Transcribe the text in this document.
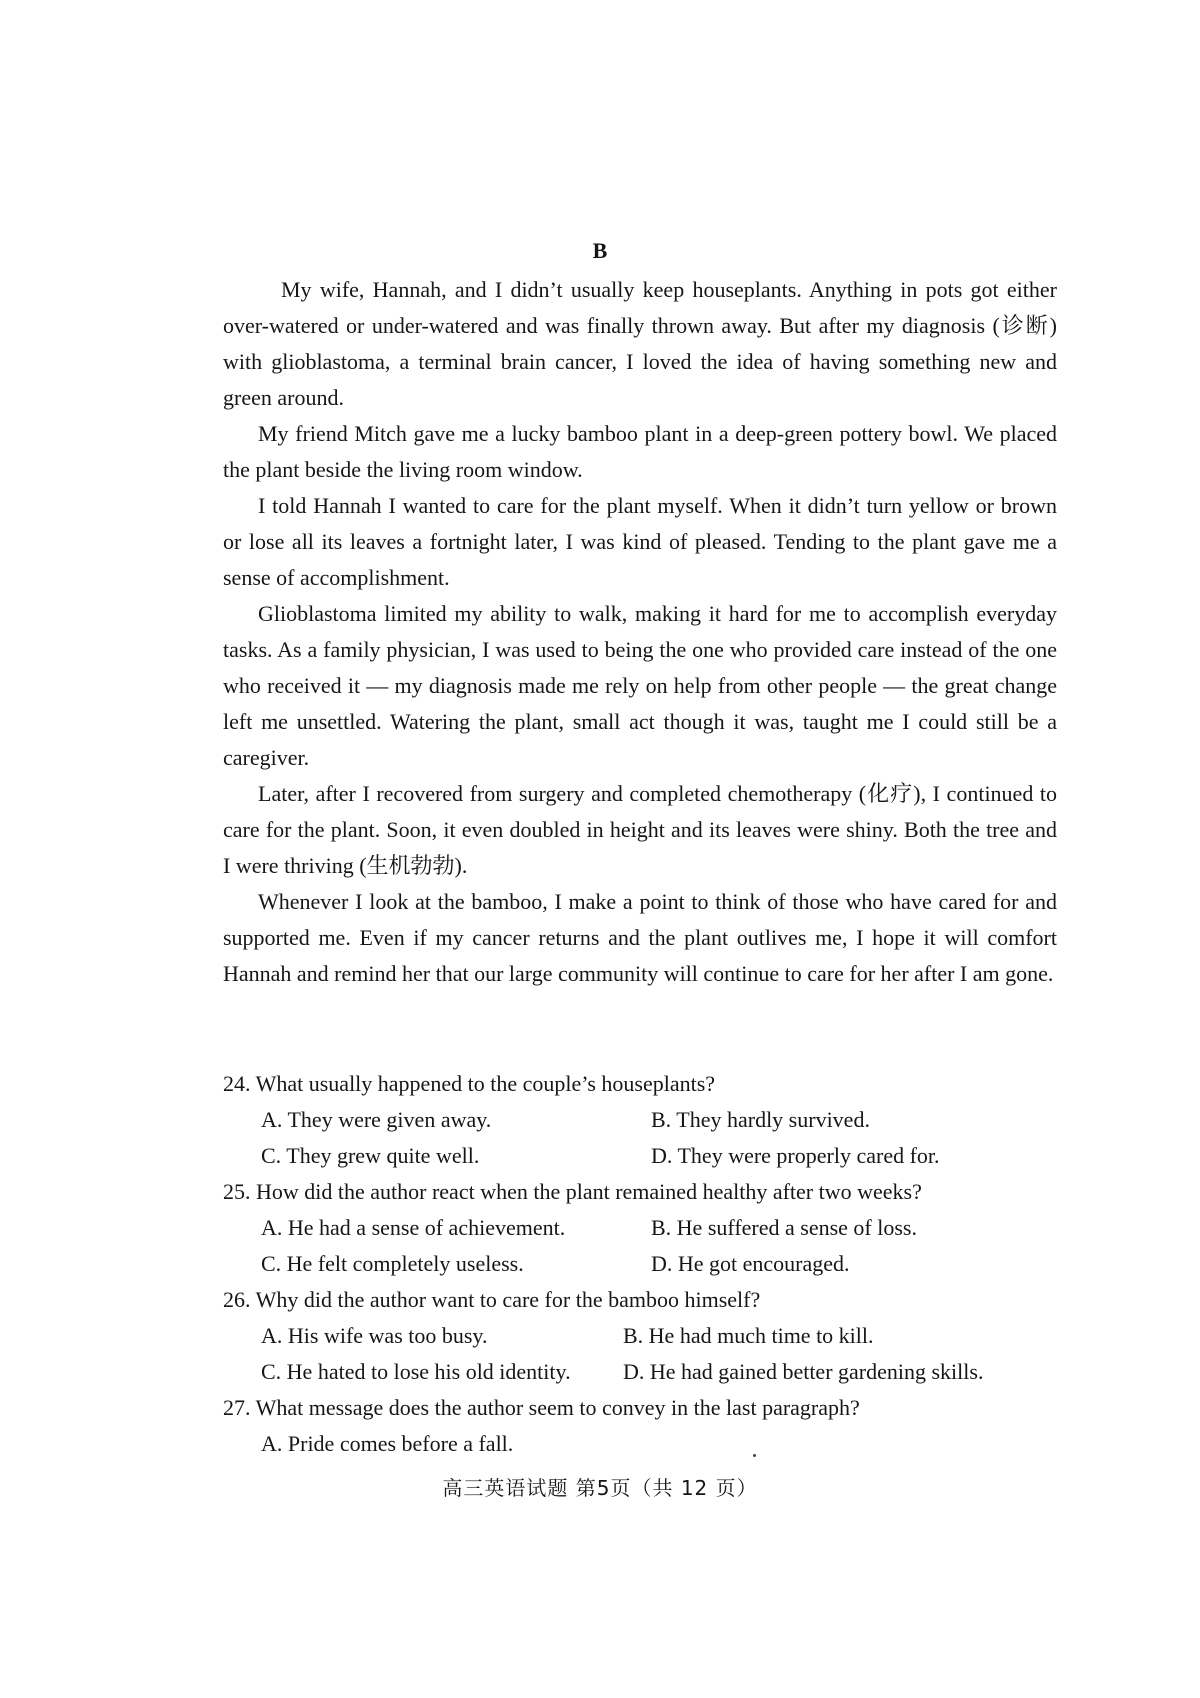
B

My wife, Hannah, and I didn’t usually keep houseplants. Anything in pots got either over-watered or under-watered and was finally thrown away. But after my diagnosis (诊断) with glioblastoma, a terminal brain cancer, I loved the idea of having something new and green around.

My friend Mitch gave me a lucky bamboo plant in a deep-green pottery bowl. We placed the plant beside the living room window.

I told Hannah I wanted to care for the plant myself. When it didn’t turn yellow or brown or lose all its leaves a fortnight later, I was kind of pleased. Tending to the plant gave me a sense of accomplishment.

Glioblastoma limited my ability to walk, making it hard for me to accomplish everyday tasks. As a family physician, I was used to being the one who provided care instead of the one who received it — my diagnosis made me rely on help from other people — the great change left me unsettled. Watering the plant, small act though it was, taught me I could still be a caregiver.

Later, after I recovered from surgery and completed chemotherapy (化疗), I continued to care for the plant. Soon, it even doubled in height and its leaves were shiny. Both the tree and I were thriving (生机勃勃).

Whenever I look at the bamboo, I make a point to think of those who have cared for and supported me. Even if my cancer returns and the plant outlives me, I hope it will comfort Hannah and remind her that our large community will continue to care for her after I am gone.

24. What usually happened to the couple’s houseplants?

A. They were given away.	B. They hardly survived.
C. They grew quite well.	D. They were properly cared for.

25. How did the author react when the plant remained healthy after two weeks?

A. He had a sense of achievement.	B. He suffered a sense of loss.
C. He felt completely useless.	D. He got encouraged.

26. Why did the author want to care for the bamboo himself?

A. His wife was too busy.	B. He had much time to kill.
C. He hated to lose his old identity.	D. He had gained better gardening skills.

27. What message does the author seem to convey in the last paragraph?

A. Pride comes before a fall.
高三英语试题 第5页（共 12 页）
